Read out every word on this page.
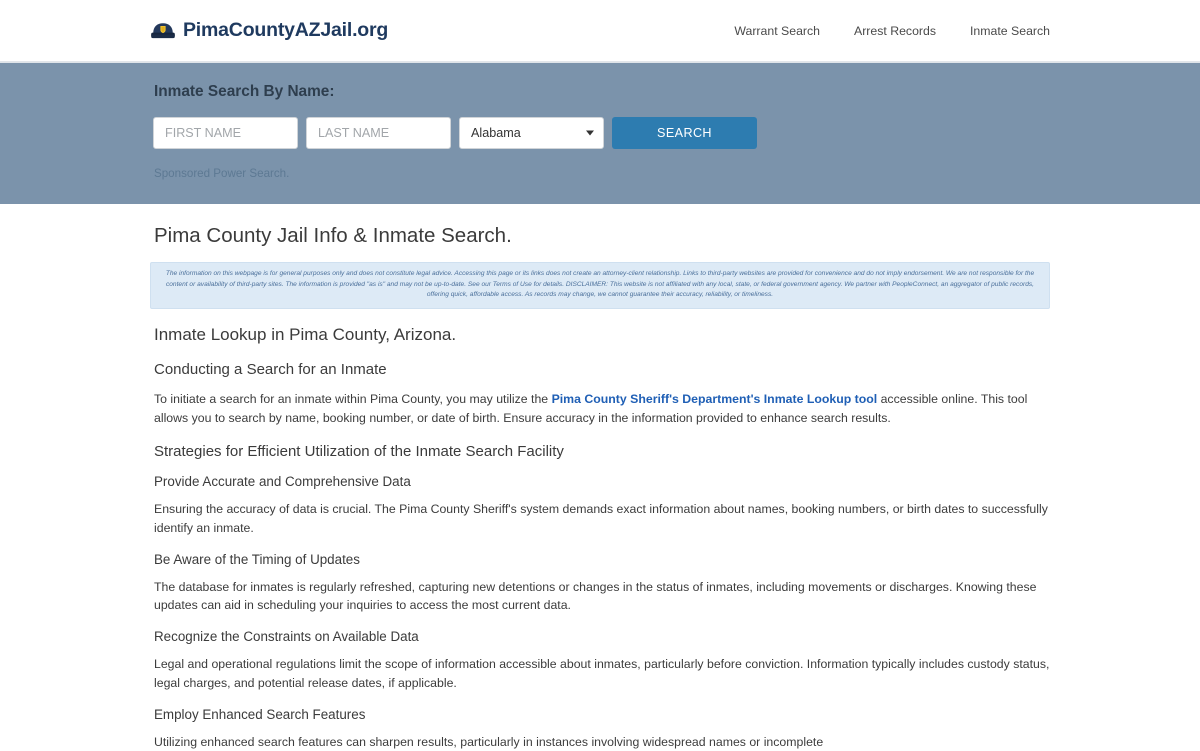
PimaCountyAZJail.org	Warrant Search	Arrest Records	Inmate Search
Inmate Search By Name:
FIRST NAME
LAST NAME
Alabama
SEARCH
Sponsored Power Search.
Pima County Jail Info & Inmate Search.
The information on this webpage is for general purposes only and does not constitute legal advice. Accessing this page or its links does not create an attorney-client relationship. Links to third-party websites are provided for convenience and do not imply endorsement. We are not responsible for the content or availability of third-party sites. The information is provided "as is" and may not be up-to-date. See our Terms of Use for details. DISCLAIMER: This website is not affiliated with any local, state, or federal government agency. We partner with PeopleConnect, an aggregator of public records, offering quick, affordable access. As records may change, we cannot guarantee their accuracy, reliability, or timeliness.
Inmate Lookup in Pima County, Arizona.
Conducting a Search for an Inmate

To initiate a search for an inmate within Pima County, you may utilize the Pima County Sheriff's Department's Inmate Lookup tool accessible online. This tool allows you to search by name, booking number, or date of birth. Ensure accuracy in the information provided to enhance search results.

Strategies for Efficient Utilization of the Inmate Search Facility
Provide Accurate and Comprehensive Data

Ensuring the accuracy of data is crucial. The Pima County Sheriff's system demands exact information about names, booking numbers, or birth dates to successfully identify an inmate.

Be Aware of the Timing of Updates

The database for inmates is regularly refreshed, capturing new detentions or changes in the status of inmates, including movements or discharges. Knowing these updates can aid in scheduling your inquiries to access the most current data.

Recognize the Constraints on Available Data

Legal and operational regulations limit the scope of information accessible about inmates, particularly before conviction. Information typically includes custody status, legal charges, and potential release dates, if applicable.

Employ Enhanced Search Features

Utilizing enhanced search features can sharpen results, particularly in instances involving widespread names or incomplete
